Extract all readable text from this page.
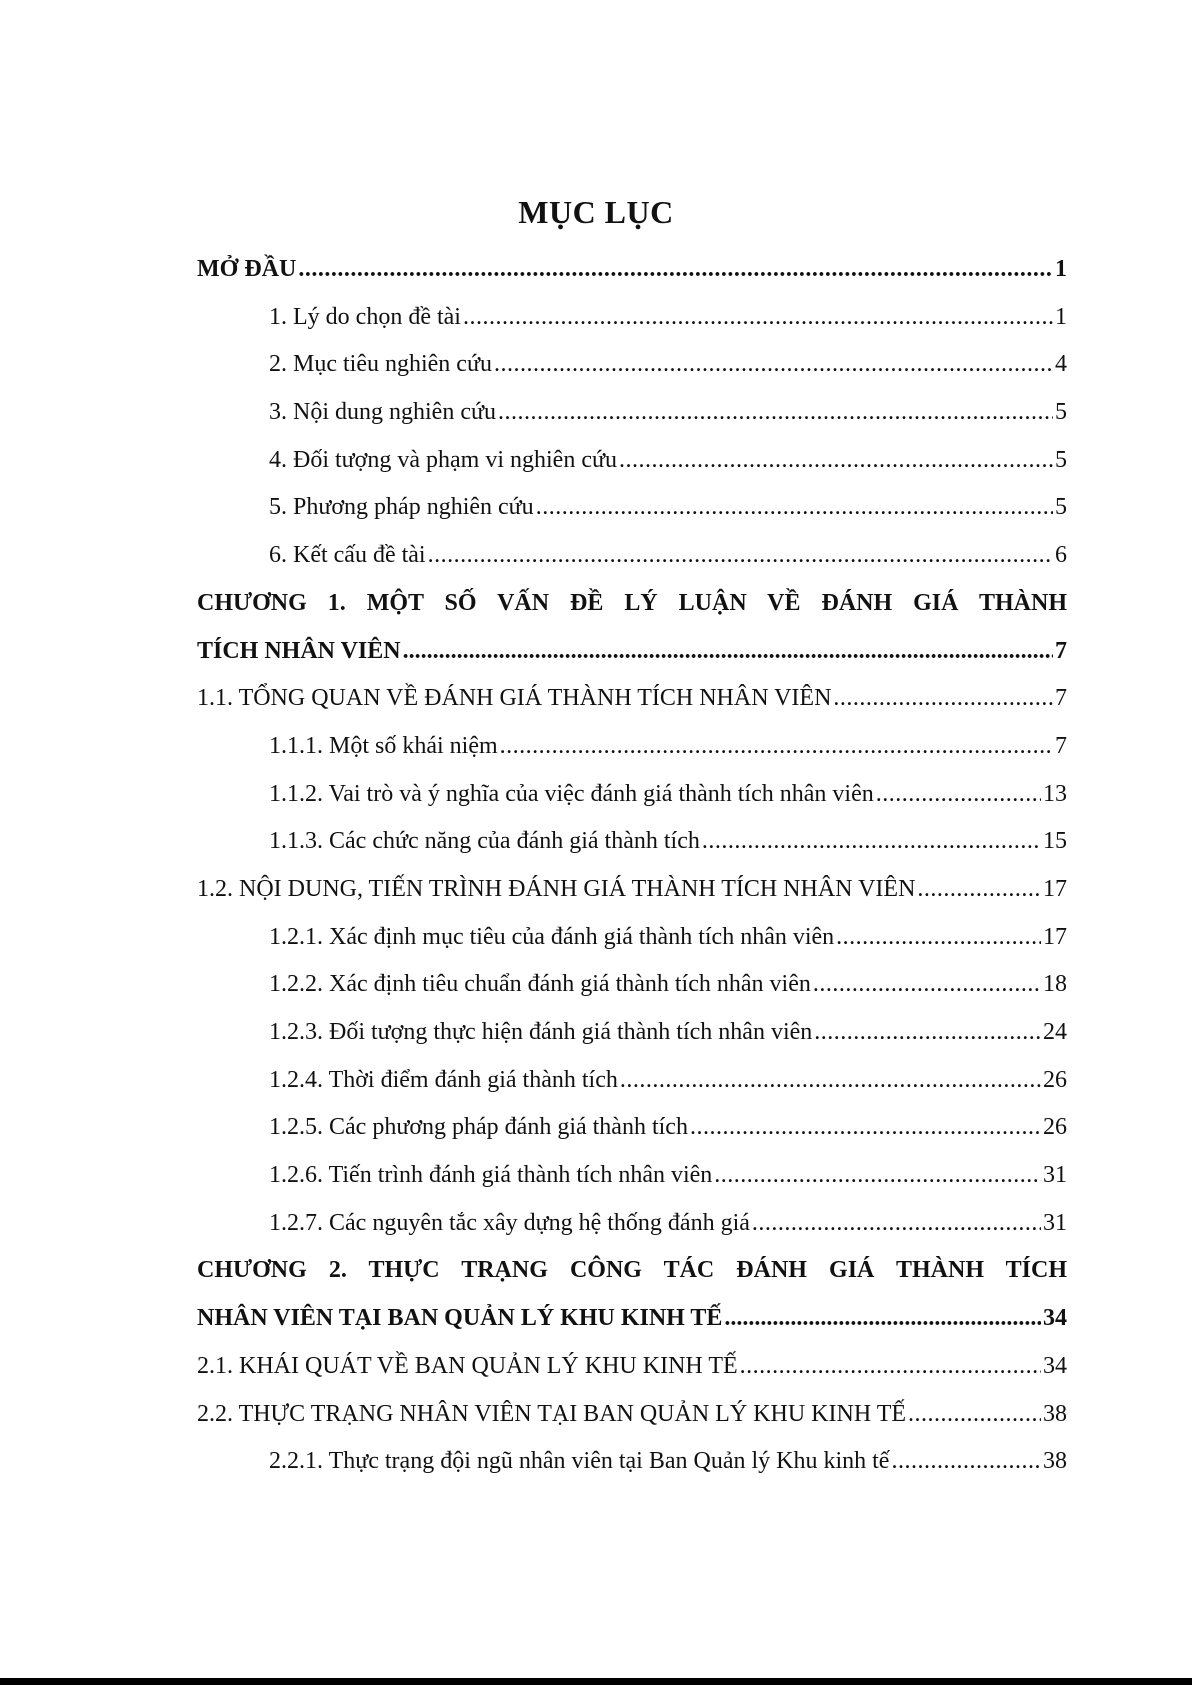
MỤC LỤC
MỞ ĐẦU .....	1
1. Lý do chọn đề tài .....	1
2. Mục tiêu nghiên cứu .....	4
3. Nội dung nghiên cứu .....	5
4. Đối tượng và phạm vi nghiên cứu .....	5
5. Phương pháp nghiên cứu .....	5
6. Kết cấu đề tài .....	6
CHƯƠNG 1. MỘT SỐ VẤN ĐỀ LÝ LUẬN VỀ ĐÁNH GIÁ THÀNH
TÍCH NHÂN VIÊN .....	7
1.1. TỔNG QUAN VỀ ĐÁNH GIÁ THÀNH TÍCH NHÂN VIÊN .....	7
1.1.1. Một số khái niệm .....	7
1.1.2. Vai trò và ý nghĩa của việc đánh giá thành tích nhân viên .....	13
1.1.3. Các chức năng của đánh giá thành tích .....	15
1.2. NỘI DUNG, TIẾN TRÌNH ĐÁNH GIÁ THÀNH TÍCH NHÂN VIÊN .....	17
1.2.1. Xác định mục tiêu của đánh giá thành tích nhân viên .....	17
1.2.2. Xác định tiêu chuẩn đánh giá thành tích nhân viên .....	18
1.2.3. Đối tượng thực hiện đánh giá thành tích nhân viên .....	24
1.2.4. Thời điểm đánh giá thành tích .....	26
1.2.5. Các phương pháp đánh giá thành tích .....	26
1.2.6. Tiến trình đánh giá thành tích nhân viên .....	31
1.2.7. Các nguyên tắc xây dựng hệ thống đánh giá .....	31
CHƯƠNG 2. THỰC TRẠNG CÔNG TÁC ĐÁNH GIÁ THÀNH TÍCH
NHÂN VIÊN TẠI BAN QUẢN LÝ KHU KINH TẾ .....	34
2.1. KHÁI QUÁT VỀ BAN QUẢN LÝ KHU KINH TẾ .....	34
2.2. THỰC TRẠNG NHÂN VIÊN TẠI BAN QUẢN LÝ KHU KINH TẾ .....	38
2.2.1. Thực trạng đội ngũ nhân viên tại Ban Quản lý Khu kinh tế .....	38
